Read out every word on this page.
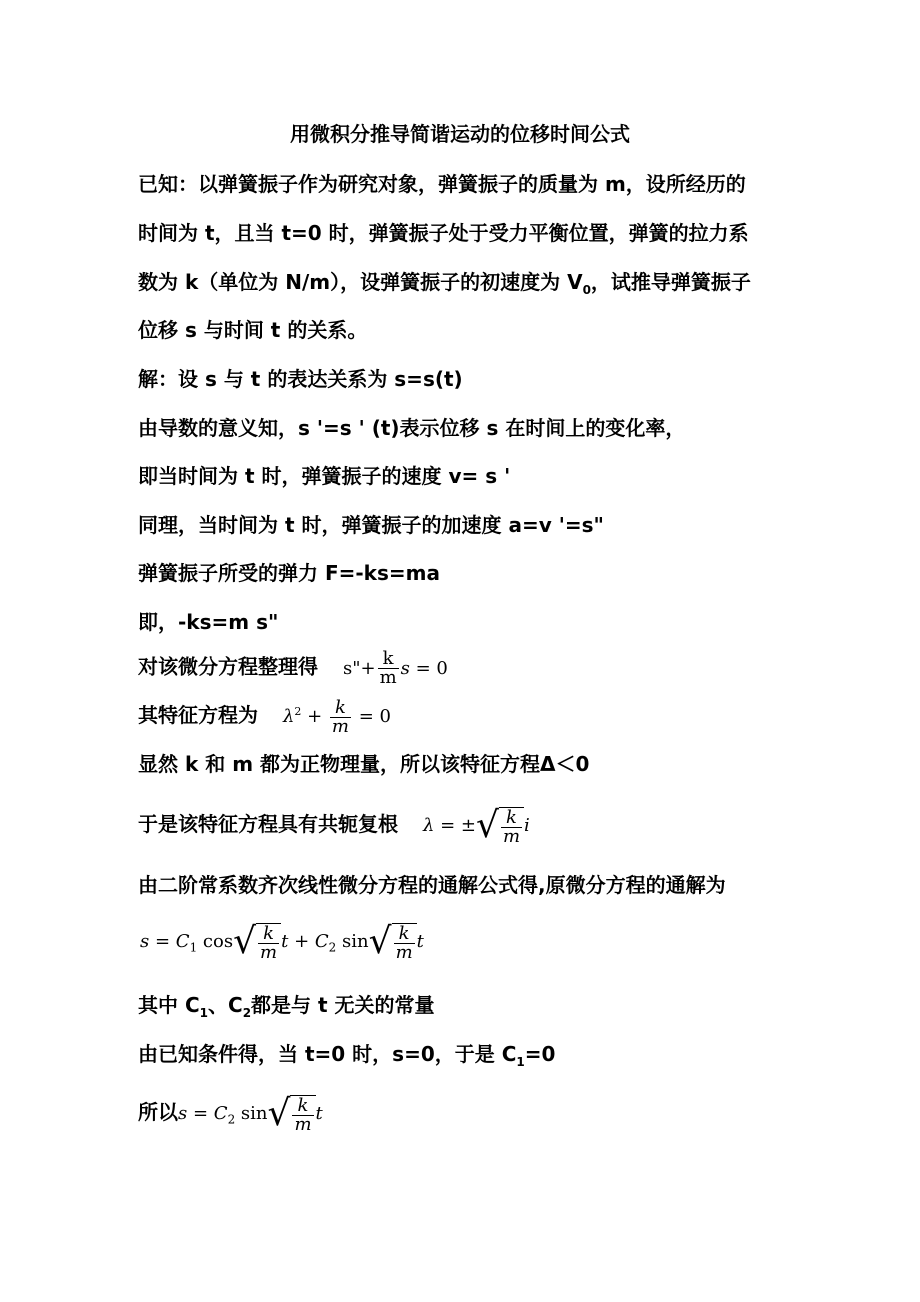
用微积分推导简谐运动的位移时间公式
已知：以弹簧振子作为研究对象，弹簧振子的质量为 m，设所经历的
时间为 t，且当 t=0 时，弹簧振子处于受力平衡位置，弹簧的拉力系
数为 k（单位为 N/m），设弹簧振子的初速度为 $V_0$，试推导弹簧振子
位移 s 与时间 t 的关系。
解：设 s 与 t 的表达关系为 s=s(t)
由导数的意义知，s '=s ' (t)表示位移 s 在时间上的变化率，
即当时间为 t 时，弹簧振子的速度 v= s '
同理，当时间为 t 时，弹簧振子的加速度 a=v '=s"
弹簧振子所受的弹力 F=-ks=ma
即，-ks=m s"
对该微分方程整理得 s"+ $\frac{k}{m}$ s = 0
其特征方程为 $\lambda^2 + \frac{k}{m} = 0$
显然 k 和 m 都为正物理量，所以该特征方程Δ＜0
于是该特征方程具有共轭复根 λ = ±√ $\frac{k}{m}$ i
由二阶常系数齐次线性微分方程的通解公式得,原微分方程的通解为
$s = C_1$ $\cos√ \frac{k}{m}$ $t + C_2$ $\sin√ \frac{k}{m}$ t
其中 $C_1$、$C_2$都是与 t 无关的常量
由已知条件得，当 t=0 时，s=0，于是 $C_1=0$
所以$s = C_2$ $\sin√ \frac{k}{m}$ t
